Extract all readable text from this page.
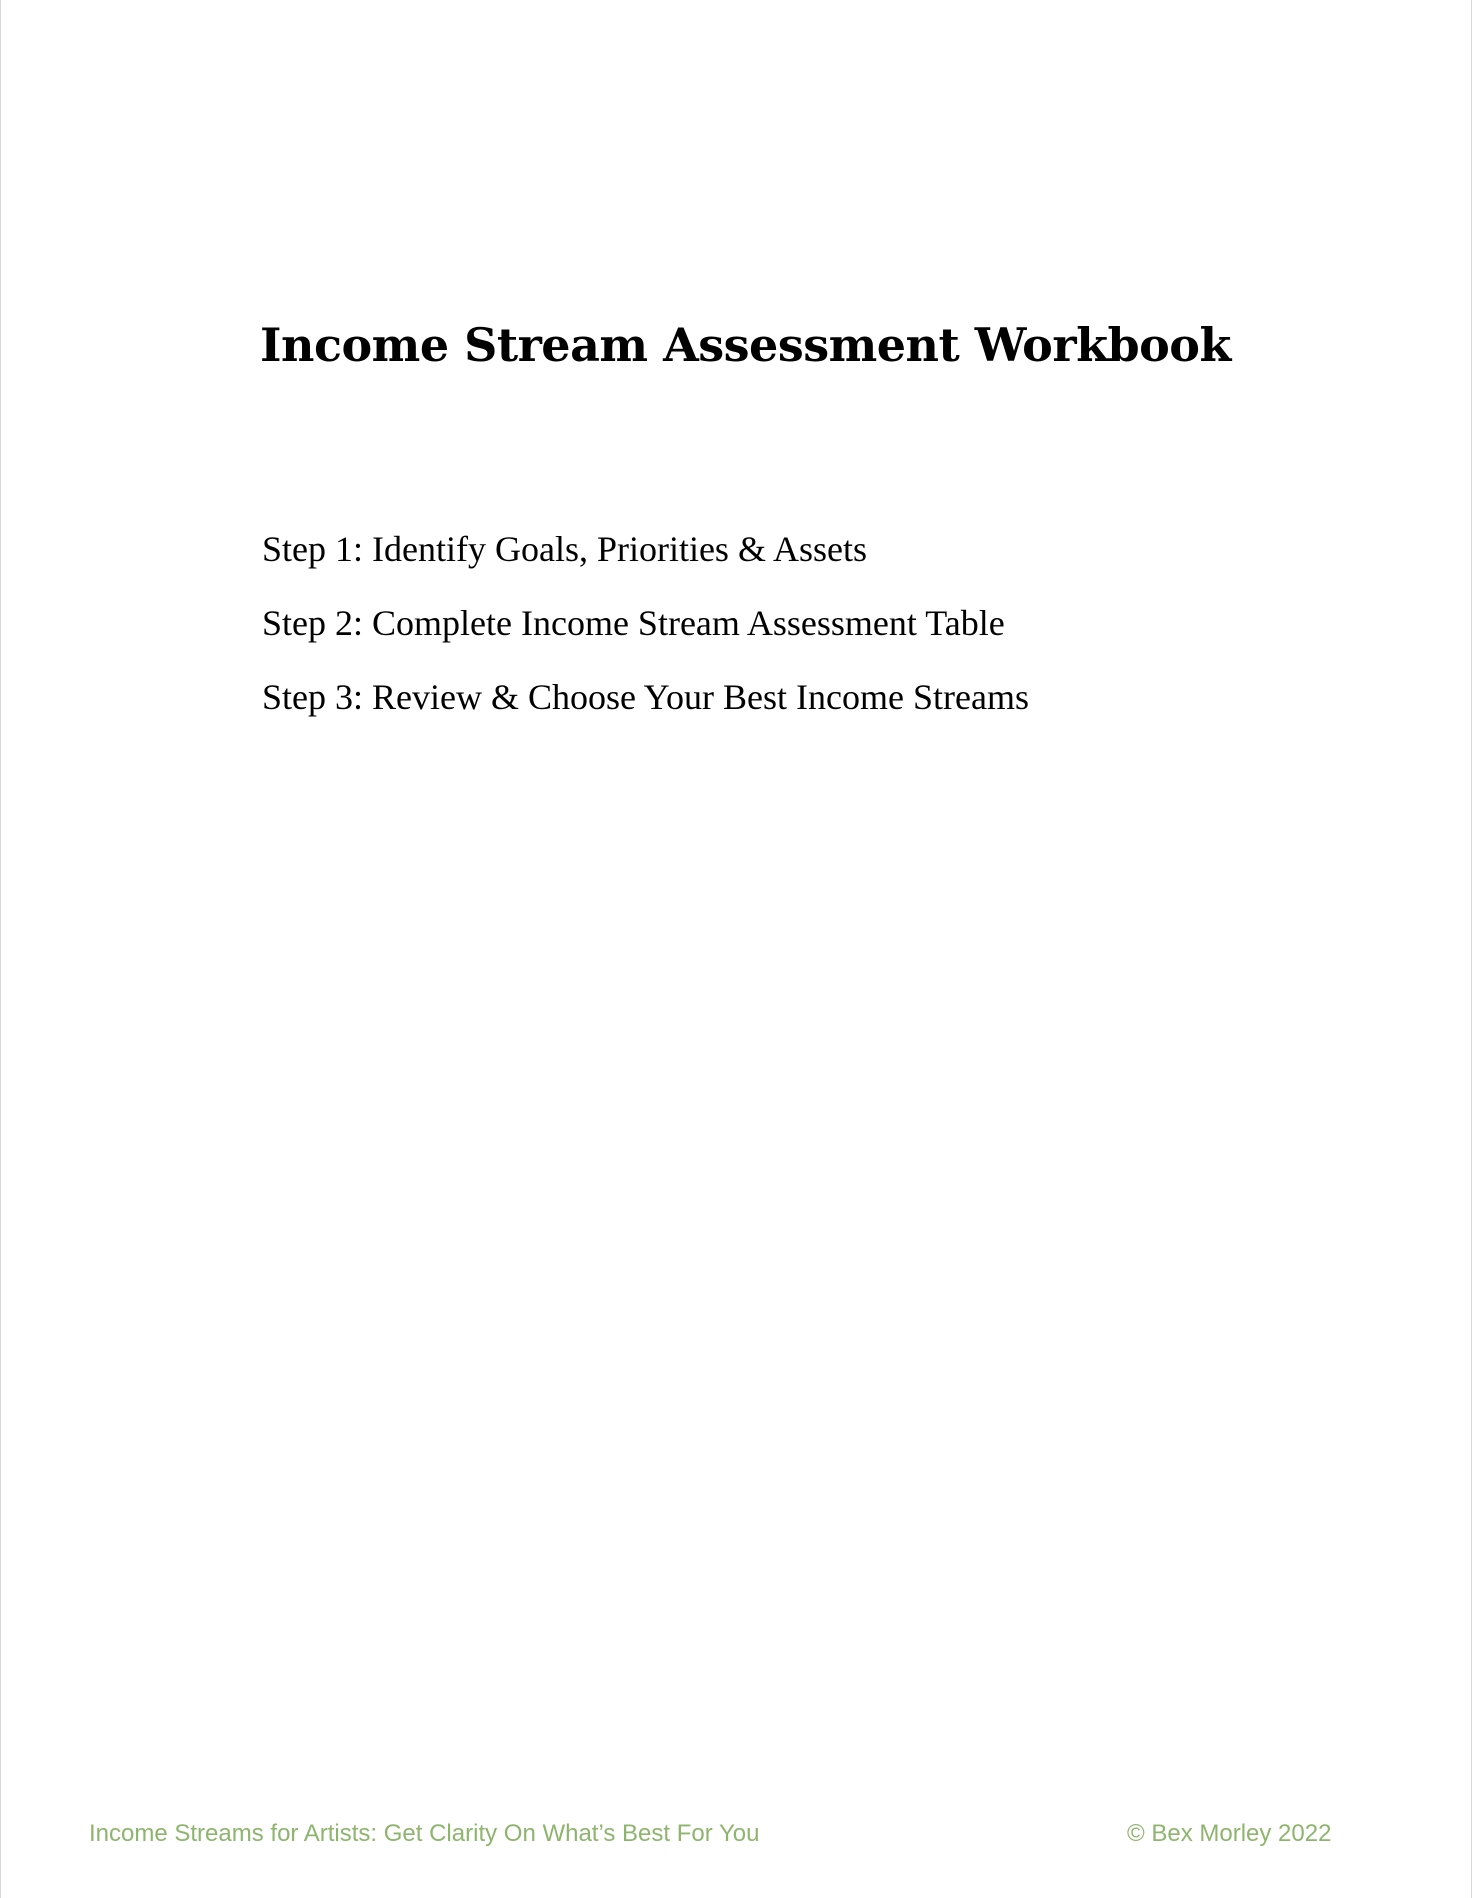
Income Stream Assessment Workbook
Step 1: Identify Goals, Priorities & Assets
Step 2: Complete Income Stream Assessment Table
Step 3: Review & Choose Your Best Income Streams
Income Streams for Artists: Get Clarity On What’s Best For You	© Bex Morley 2022
